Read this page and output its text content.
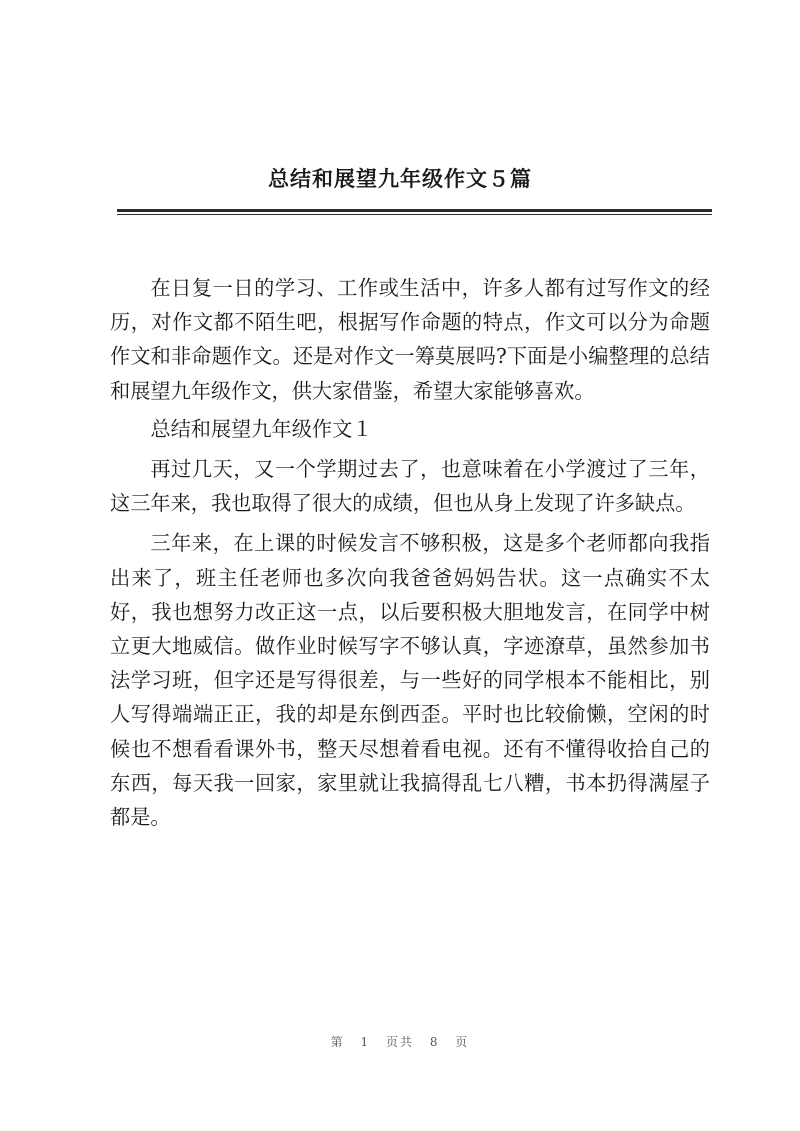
总结和展望九年级作文５篇

在日复一日的学习、工作或生活中，许多人都有过写作文的经历，对作文都不陌生吧，根据写作命题的特点，作文可以分为命题作文和非命题作文。还是对作文一筹莫展吗?下面是小编整理的总结和展望九年级作文，供大家借鉴，希望大家能够喜欢。

总结和展望九年级作文１

再过几天，又一个学期过去了，也意味着在小学渡过了三年，这三年来，我也取得了很大的成绩，但也从身上发现了许多缺点。

三年来，在上课的时候发言不够积极，这是多个老师都向我指出来了，班主任老师也多次向我爸爸妈妈告状。这一点确实不太好，我也想努力改正这一点，以后要积极大胆地发言，在同学中树立更大地威信。做作业时候写字不够认真，字迹潦草，虽然参加书法学习班，但字还是写得很差，与一些好的同学根本不能相比，别人写得端端正正，我的却是东倒西歪。平时也比较偷懒，空闲的时候也不想看看课外书，整天尽想着看电视。还有不懂得收拾自己的东西，每天我一回家，家里就让我搞得乱七八糟，书本扔得满屋子都是。

第 1 页共 8 页
